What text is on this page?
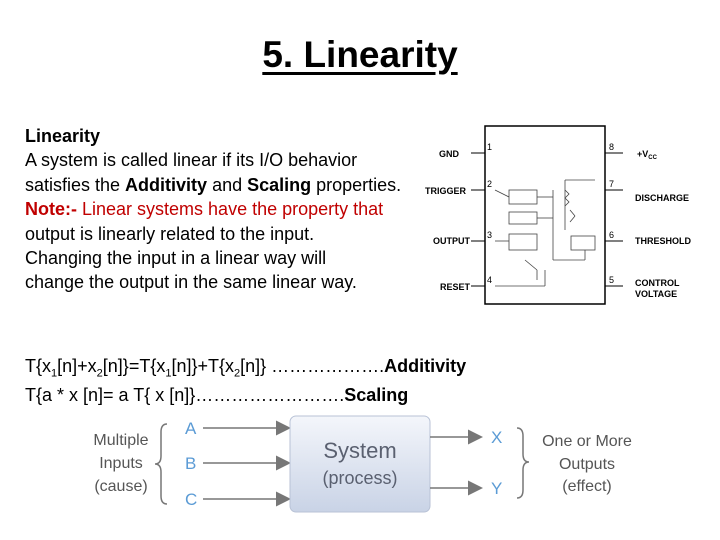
5. Linearity
Linearity
A system is called linear if its I/O behavior
satisfies the Additivity and Scaling properties.
Note:- Linear systems have the property that
output is linearly related to the input.
Changing the input in a linear way will
change the output in the same linear way.
GND
TRIGGER
OUTPUT
RESET
$+V_{CC}$
DISCHARGE
THRESHOLD
CONTROL
VOLTAGE
1
2
3
4
8
7
6
5
$T\{x_1[n]+x_2[n]\}=T\{x_1[n]\}+T\{x_2[n]\}$ ……………….Additivity
T{a * x [n]= a T{ x [n]}…………………….Scaling
Multiple
Inputs
(cause)
A
B
C
System
(process)
X
Y
One or More
Outputs
(effect)
